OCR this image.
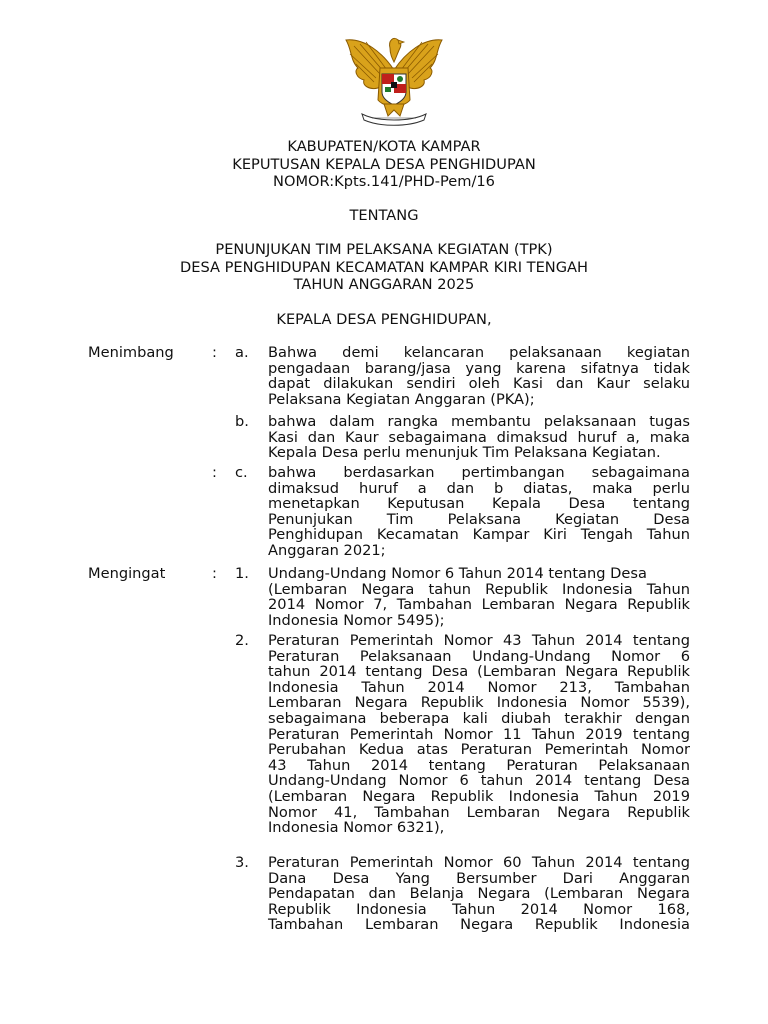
KABUPATEN/KOTA KAMPAR
KEPUTUSAN KEPALA DESA PENGHIDUPAN
NOMOR:Kpts.141/PHD-Pem/16
TENTANG
PENUNJUKAN TIM PELAKSANA KEGIATAN (TPK)
DESA PENGHIDUPAN KECAMATAN KAMPAR KIRI TENGAH
TAHUN ANGGARAN 2025
KEPALA DESA PENGHIDUPAN,
Menimbang	: a. Bahwa demi kelancaran pelaksanaan kegiatan
pengadaan barang/jasa yang karena sifatnya tidak
dapat dilakukan sendiri oleh Kasi dan Kaur selaku
Pelaksana Kegiatan Anggaran (PKA);
b. bahwa dalam rangka membantu pelaksanaan tugas
Kasi dan Kaur sebagaimana dimaksud huruf a, maka
Kepala Desa perlu menunjuk Tim Pelaksana Kegiatan.
: c. bahwa berdasarkan pertimbangan sebagaimana
dimaksud huruf a dan b diatas, maka perlu
menetapkan Keputusan Kepala Desa tentang
Penunjukan Tim Pelaksana Kegiatan Desa
Penghidupan Kecamatan Kampar Kiri Tengah Tahun
Anggaran 2021;
Mengingat	: 1. Undang-Undang Nomor 6 Tahun 2014 tentang Desa
(Lembaran Negara tahun Republik Indonesia Tahun
2014 Nomor 7, Tambahan Lembaran Negara Republik
Indonesia Nomor 5495);
2. Peraturan Pemerintah Nomor 43 Tahun 2014 tentang
Peraturan Pelaksanaan Undang-Undang Nomor 6
tahun 2014 tentang Desa (Lembaran Negara Republik
Indonesia Tahun 2014 Nomor 213, Tambahan
Lembaran Negara Republik Indonesia Nomor 5539),
sebagaimana beberapa kali diubah terakhir dengan
Peraturan Pemerintah Nomor 11 Tahun 2019 tentang
Perubahan Kedua atas Peraturan Pemerintah Nomor
43 Tahun 2014 tentang Peraturan Pelaksanaan
Undang-Undang Nomor 6 tahun 2014 tentang Desa
(Lembaran Negara Republik Indonesia Tahun 2019
Nomor 41, Tambahan Lembaran Negara Republik
Indonesia Nomor 6321),
3. Peraturan Pemerintah Nomor 60 Tahun 2014 tentang
Dana Desa Yang Bersumber Dari Anggaran
Pendapatan dan Belanja Negara (Lembaran Negara
Republik Indonesia Tahun 2014 Nomor 168,
Tambahan Lembaran Negara Republik Indonesia
